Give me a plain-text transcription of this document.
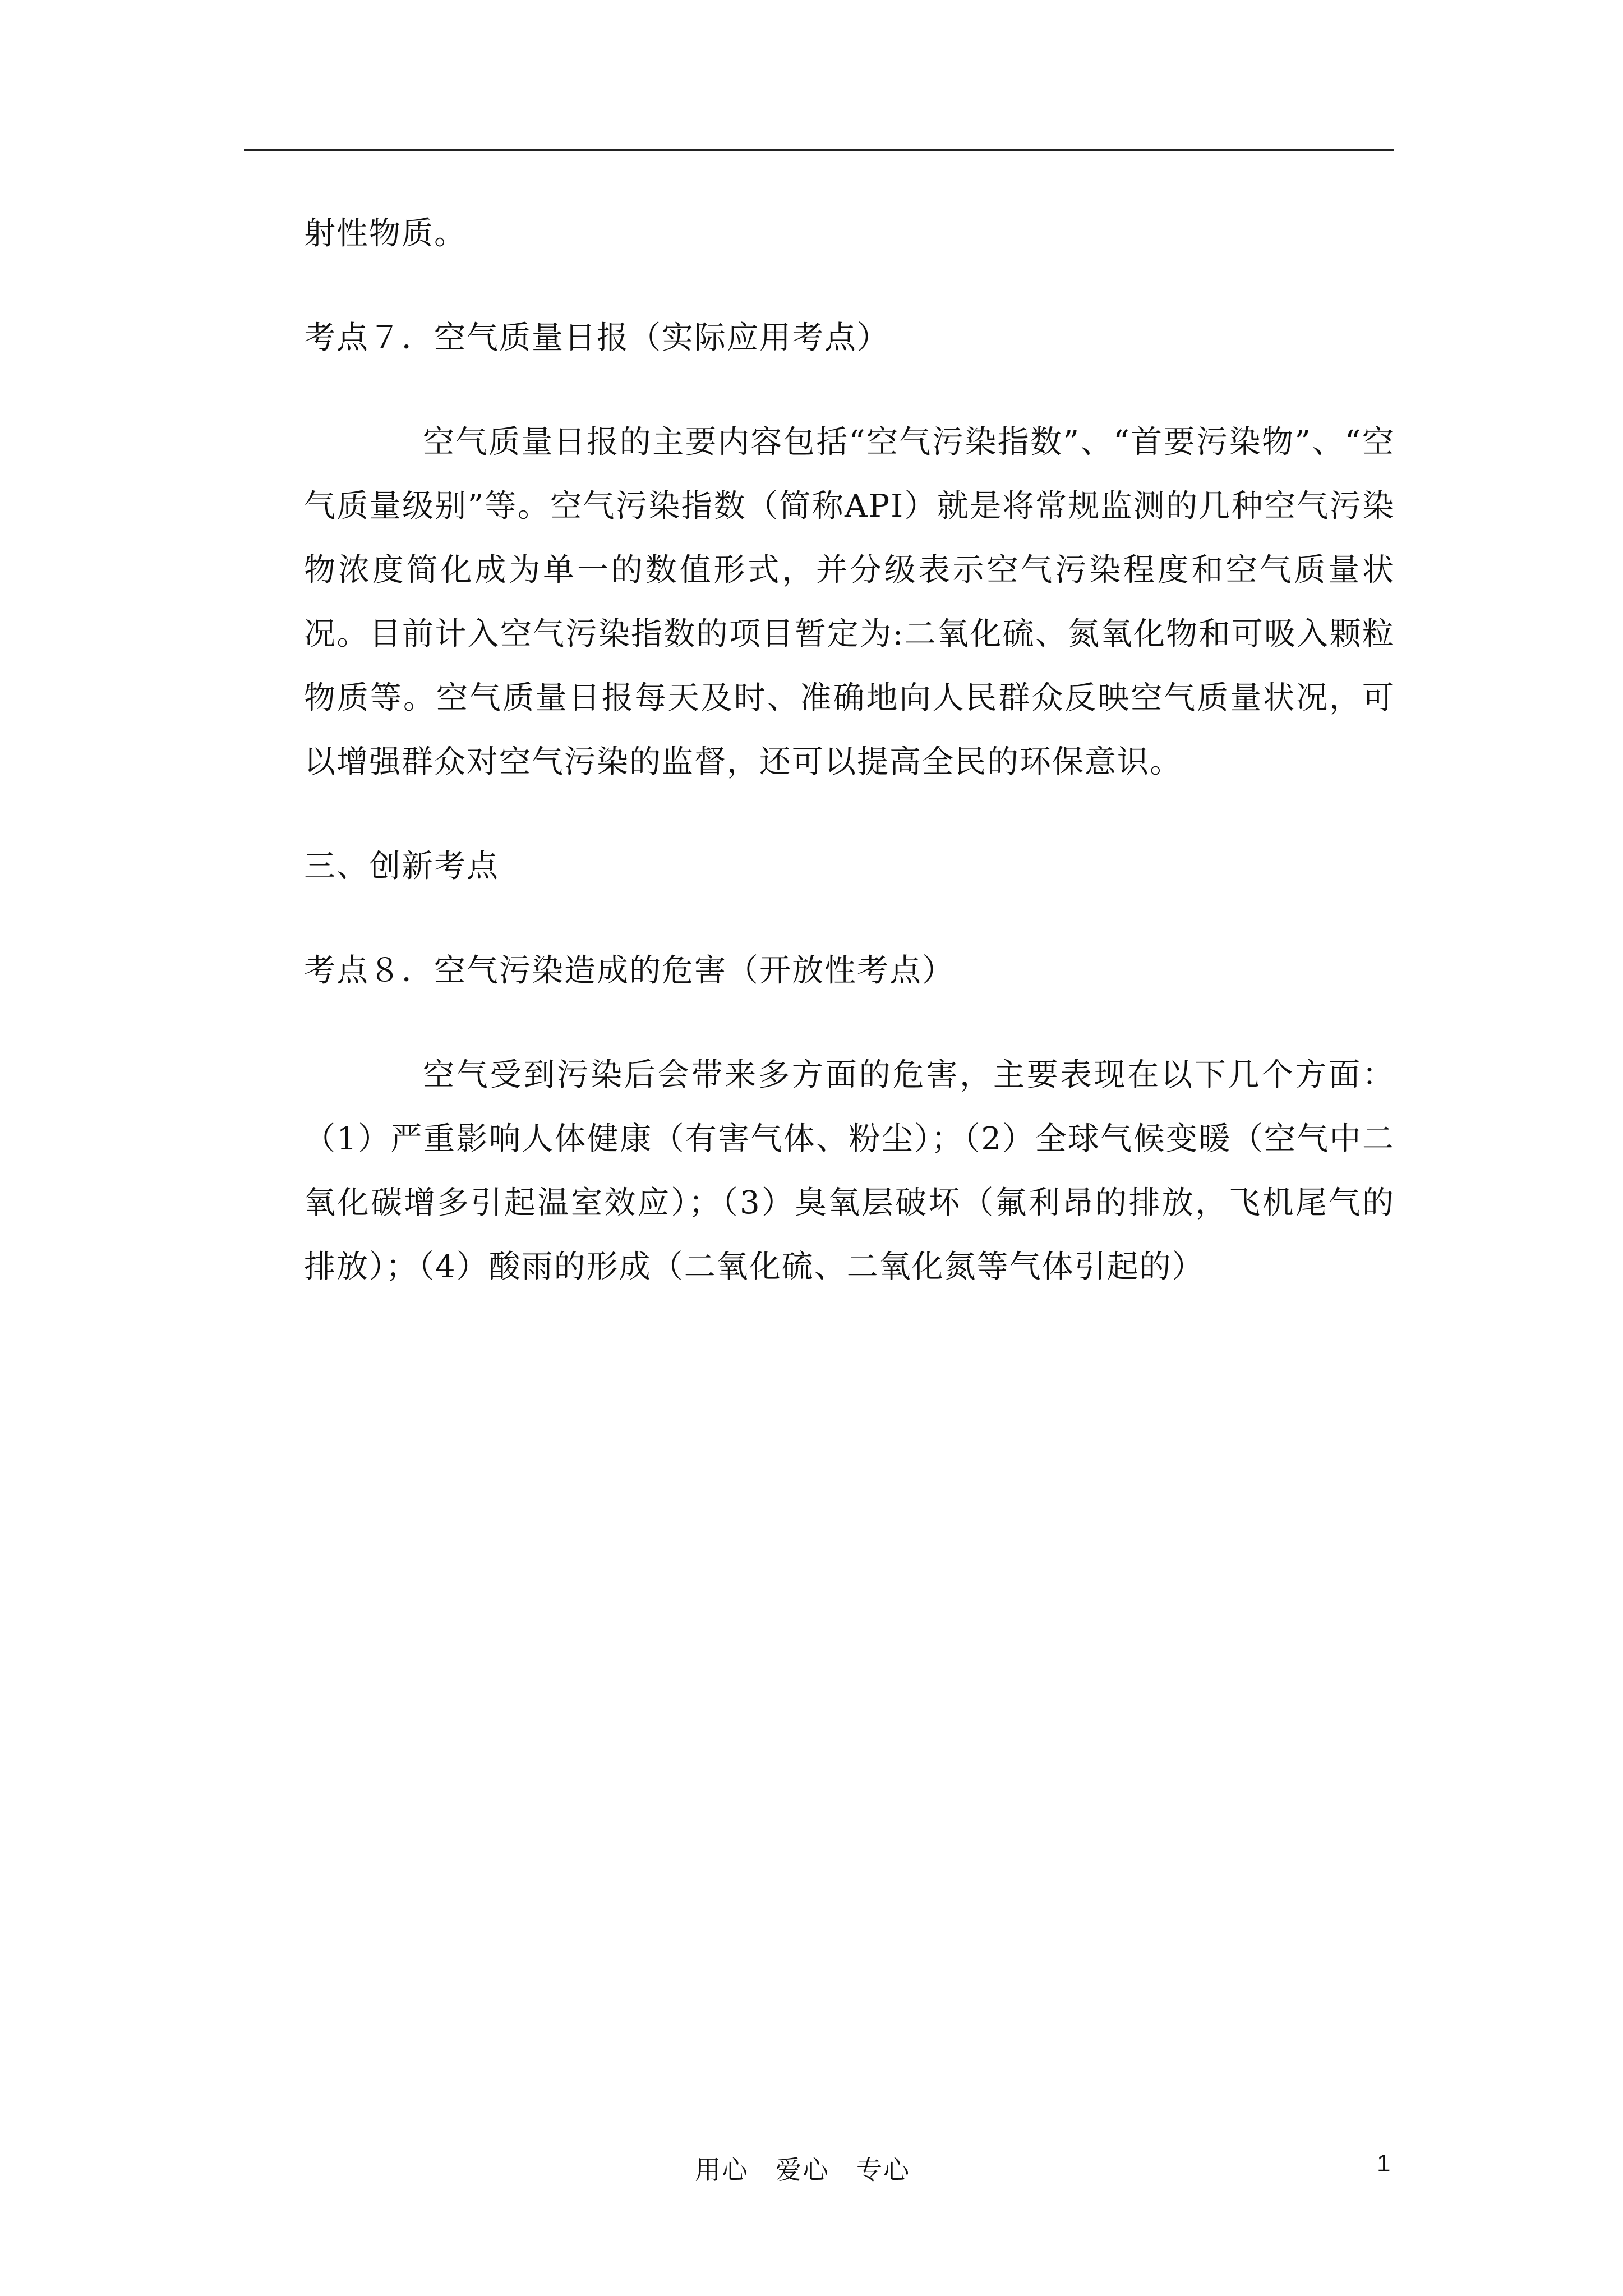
射性物质。

考点７．空气质量日报（实际应用考点）

空气质量日报的主要内容包括“空气污染指数”、“首要污染物”、“空气质量级别”等。空气污染指数（简称API）就是将常规监测的几种空气污染物浓度简化成为单一的数值形式，并分级表示空气污染程度和空气质量状况。目前计入空气污染指数的项目暂定为:二氧化硫、氮氧化物和可吸入颗粒物质等。空气质量日报每天及时、准确地向人民群众反映空气质量状况，可以增强群众对空气污染的监督，还可以提高全民的环保意识。

三、创新考点

考点８．空气污染造成的危害（开放性考点）

空气受到污染后会带来多方面的危害，主要表现在以下几个方面：（1）严重影响人体健康（有害气体、粉尘）；（2）全球气候变暖（空气中二氧化碳增多引起温室效应）；（3）臭氧层破坏（氟利昂的排放，飞机尾气的排放）；（4）酸雨的形成（二氧化硫、二氧化氮等气体引起的）

用心　爱心　专心	1
